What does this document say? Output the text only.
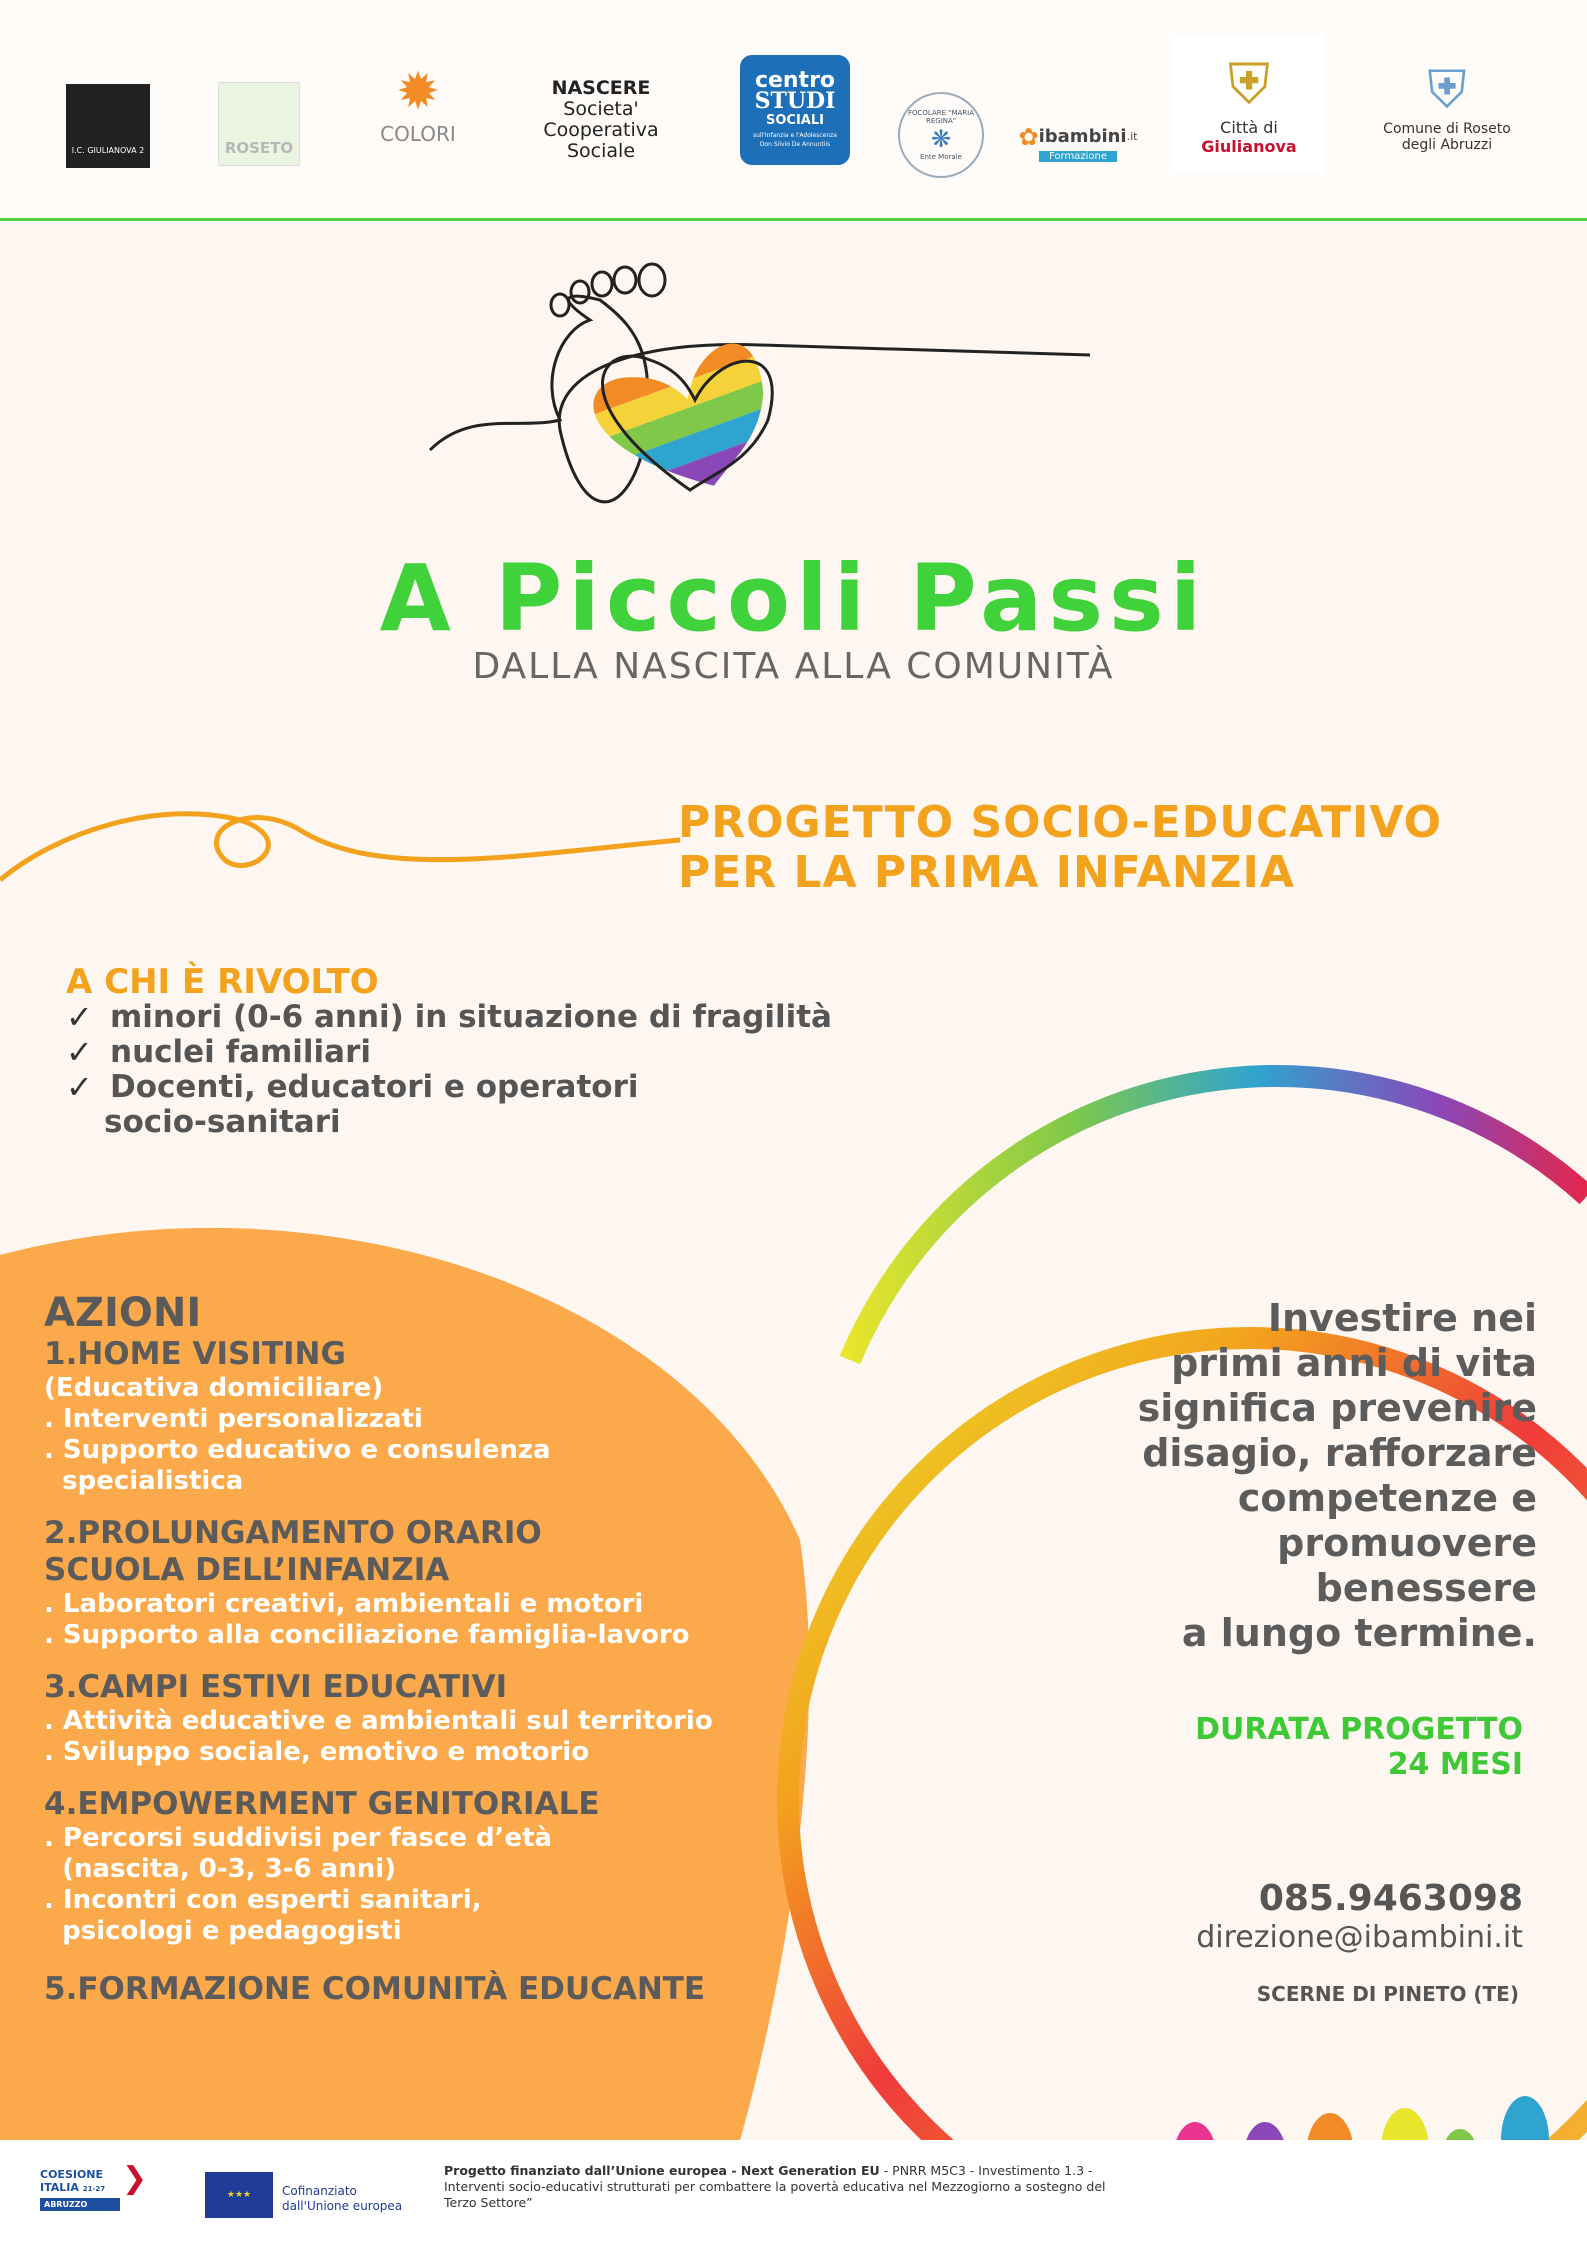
I.C. GIULIANOVA 2	ROSETO
✹
COLORI
NASCERE
Societa'
Cooperativa
Sociale
centro
STUDI
SOCIALI
sull'Infanzia e l'Adolescenza
Don Silvio De Annuntiis
FOCOLARE "MARIA REGINA"
❋
Ente Morale
✿ ibambini .it
Formazione
⛨
Città di Giulianova
⛨
Comune di Roseto
degli Abruzzi
A Piccoli Passi
DALLA NASCITA ALLA COMUNITÀ
PROGETTO SOCIO-EDUCATIVO
PER LA PRIMA INFANZIA
A CHI È RIVOLTO
✓ minori (0-6 anni) in situazione di fragilità
✓ nuclei familiari
✓ Docenti, educatori e operatori
socio-sanitari
AZIONI
1.HOME VISITING
(Educativa domiciliare)
. Interventi personalizzati
. Supporto educativo e consulenza
specialistica
2.PROLUNGAMENTO ORARIO
SCUOLA DELL’INFANZIA
. Laboratori creativi, ambientali e motori
. Supporto alla conciliazione famiglia-lavoro
3.CAMPI ESTIVI EDUCATIVI
. Attività educative e ambientali sul territorio
. Sviluppo sociale, emotivo e motorio
4.EMPOWERMENT GENITORIALE
. Percorsi suddivisi per fasce d’età
(nascita, 0-3, 3-6 anni)
. Incontri con esperti sanitari,
psicologi e pedagogisti
5.FORMAZIONE COMUNITÀ EDUCANTE
Investire nei
primi anni di vita
significa prevenire
disagio, rafforzare
competenze e
promuovere
benessere
a lungo termine.
DURATA PROGETTO
24 MESI
085.9463098
direzione@ibambini.it
SCERNE DI PINETO (TE)
COESIONE
ITALIA 21-27
ABRUZZO
❯	★★★	Cofinanziato
dall'Unione europea
Progetto finanziato dall’Unione europea - Next Generation EU - PNRR M5C3 - Investimento 1.3 - Interventi socio-educativi strutturati per combattere la povertà educativa nel Mezzogiorno a sostegno del Terzo Settore”
